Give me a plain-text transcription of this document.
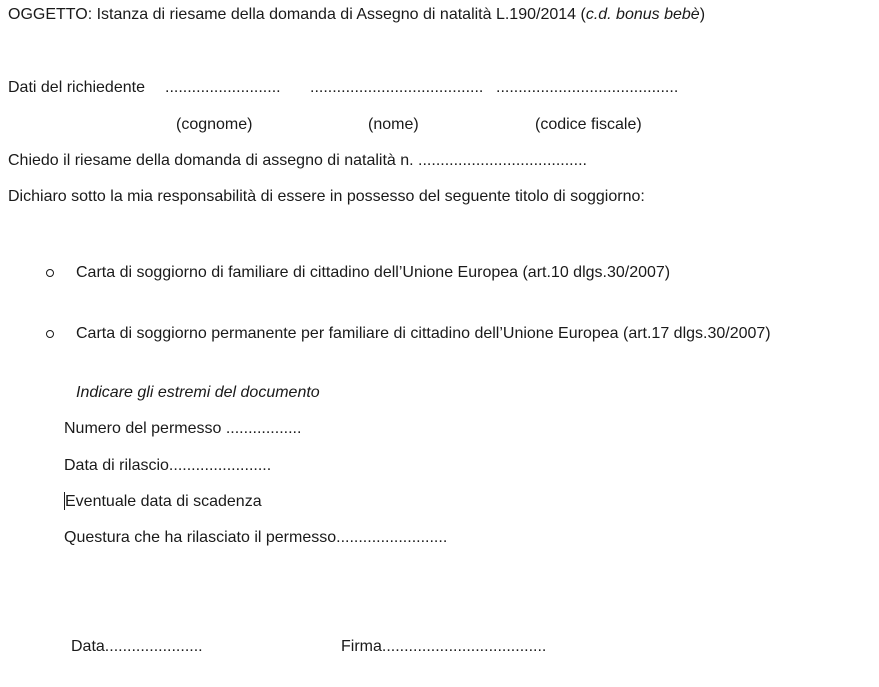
OGGETTO: Istanza di riesame della domanda di Assegno di natalità L.190/2014 (c.d. bonus bebè)
Dati del richiedente .......................... ....................................... .........................................
(cognome)	(nome)	(codice fiscale)
Chiedo il riesame della domanda di assegno di natalità n. ......................................
Dichiaro sotto la mia responsabilità di essere in possesso del seguente titolo di soggiorno:
Carta di soggiorno di familiare di cittadino dell’Unione Europea (art.10 dlgs.30/2007)
Carta di soggiorno permanente per familiare di cittadino dell’Unione Europea (art.17 dlgs.30/2007)
Indicare gli estremi del documento
Numero del permesso .................
Data di rilascio.......................
Eventuale data di scadenza
Questura che ha rilasciato il permesso.........................
Data......................	Firma.....................................
